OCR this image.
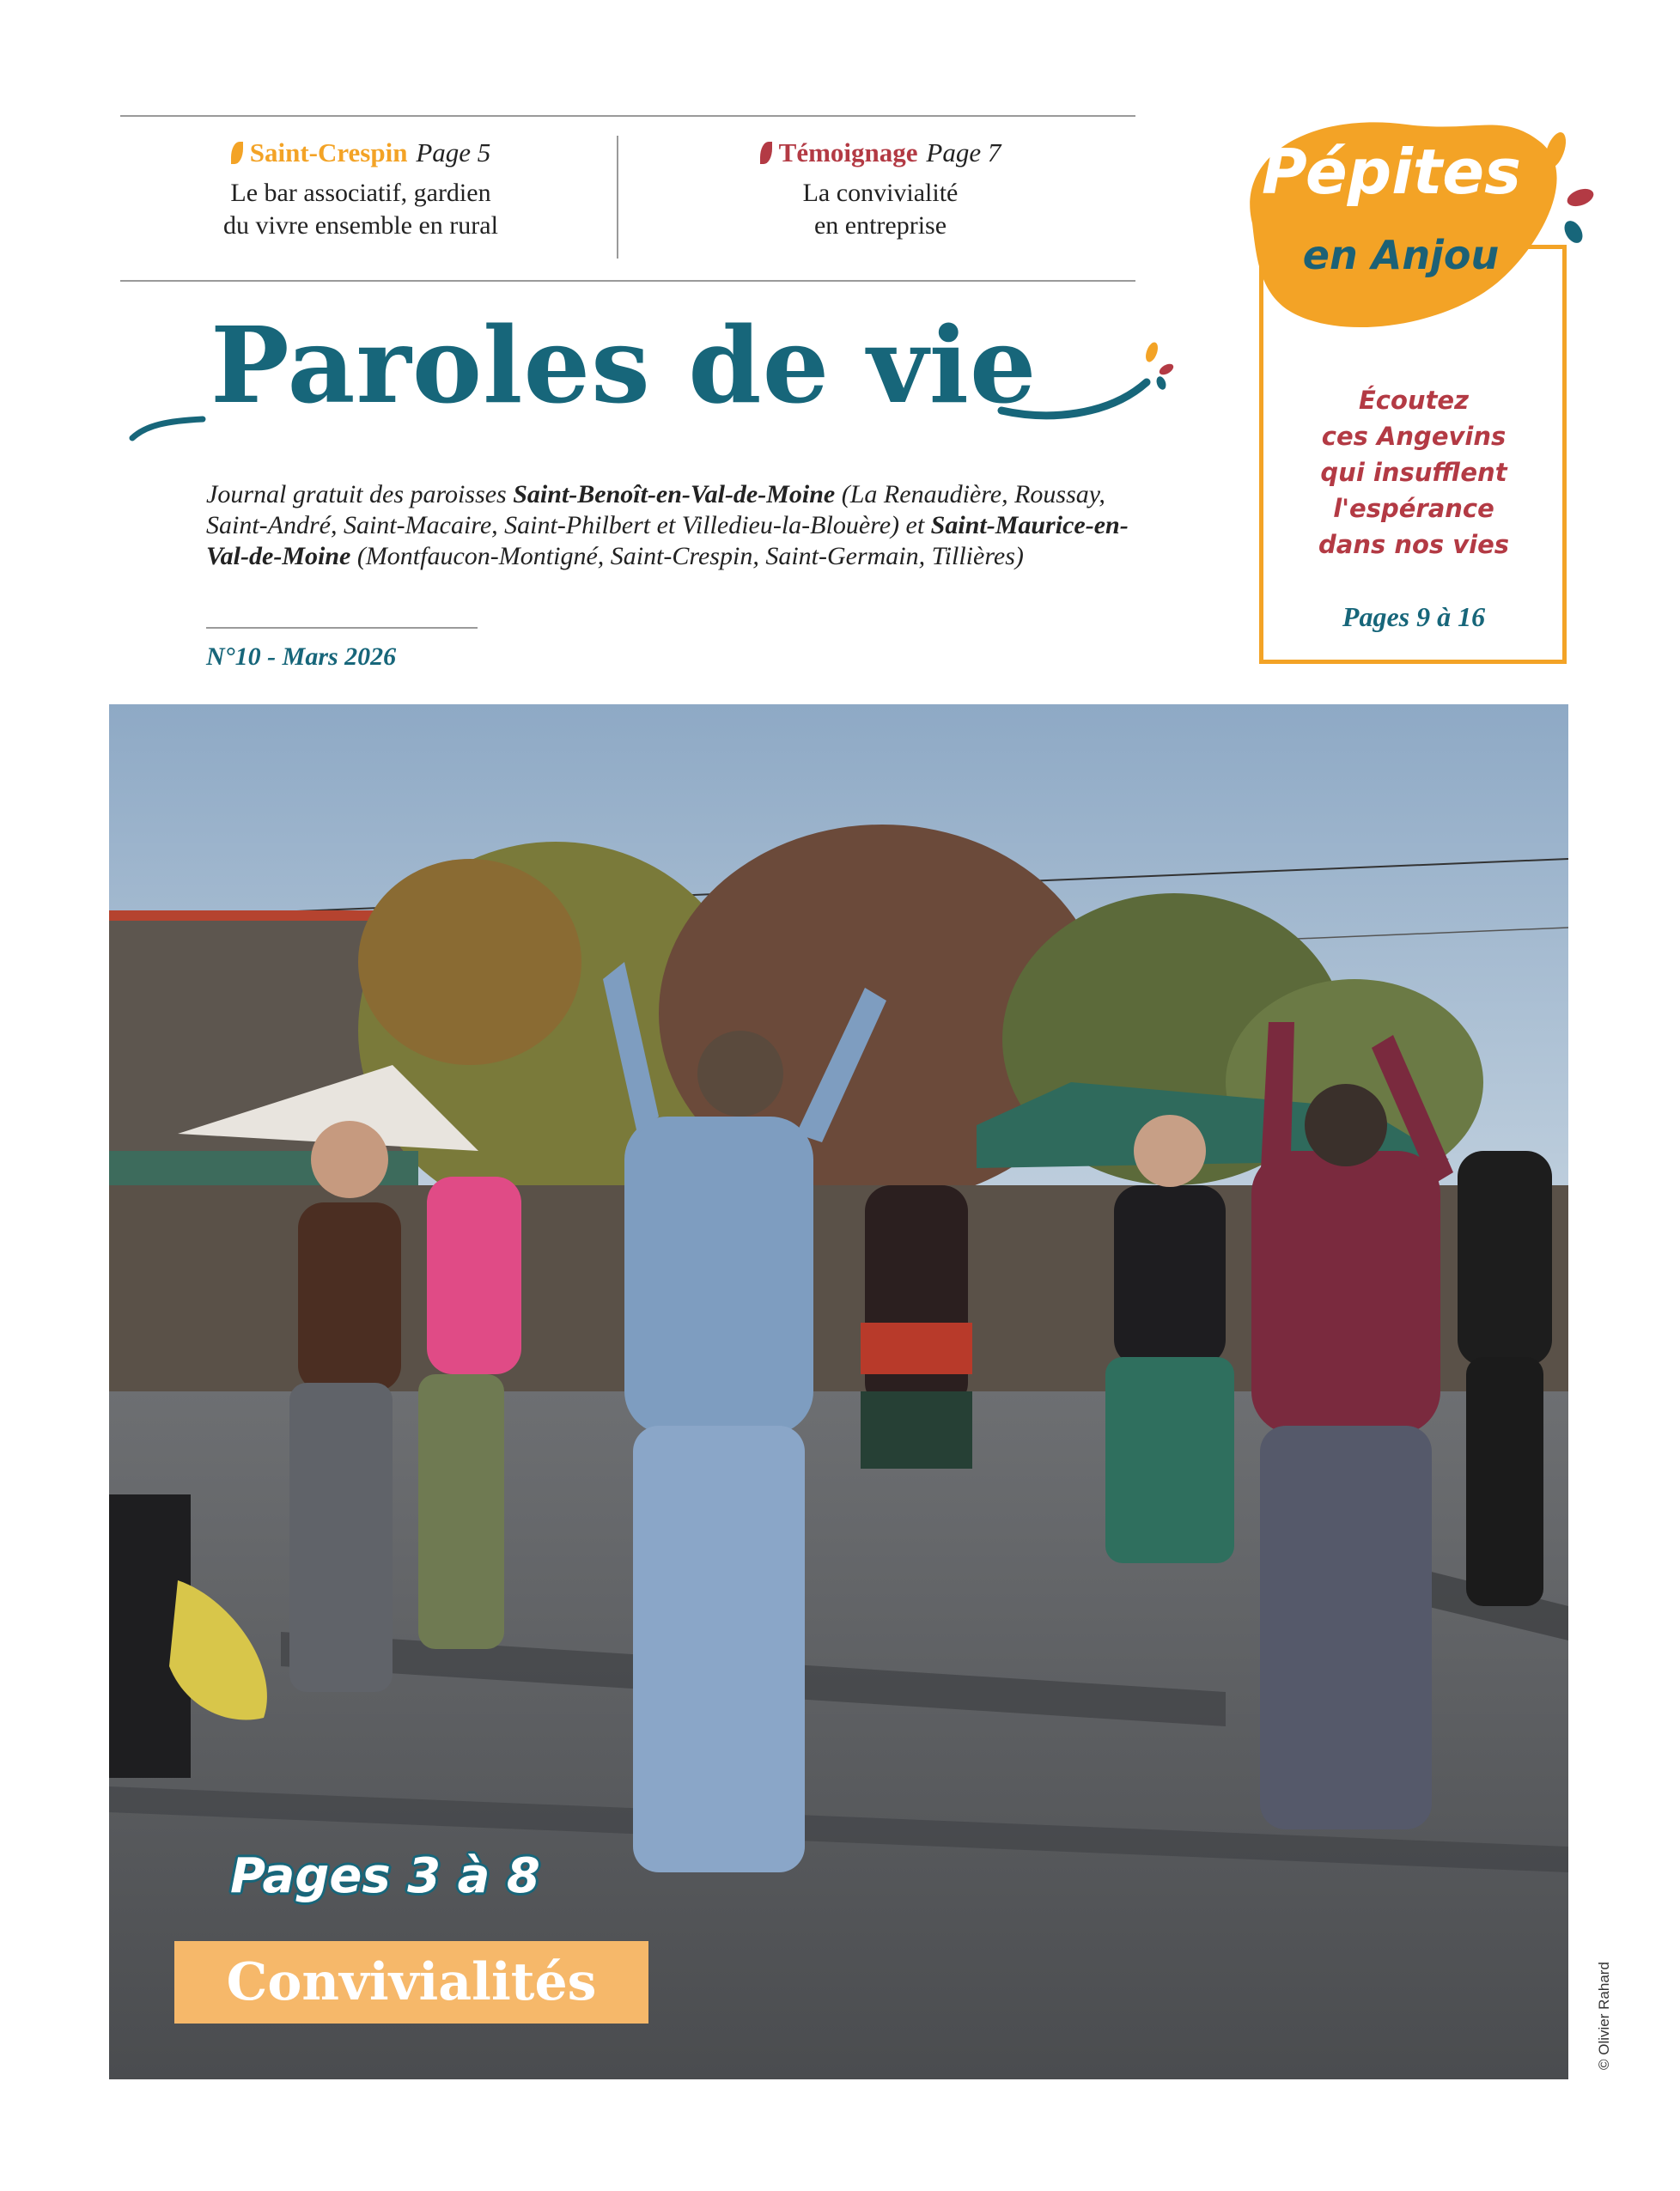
Saint-Crespin Page 5
Le bar associatif, gardien
du vivre ensemble en rural
Témoignage Page 7
La convivialité
en entreprise
Paroles de vie
Journal gratuit des paroisses Saint-Benoît-en-Val-de-Moine (La Renaudière, Roussay, Saint-André, Saint-Macaire, Saint-Philbert et Villedieu-la-Blouère) et Saint-Maurice-en-Val-de-Moine (Montfaucon-Montigné, Saint-Crespin, Saint-Germain, Tillières)
N°10 - Mars 2026
Pépites
en Anjou
Écoutez
ces Angevins
qui insufflent
l'espérance
dans nos vies
Pages 9 à 16
© Olivier Rahard
Pages 3 à 8
Convivialités
